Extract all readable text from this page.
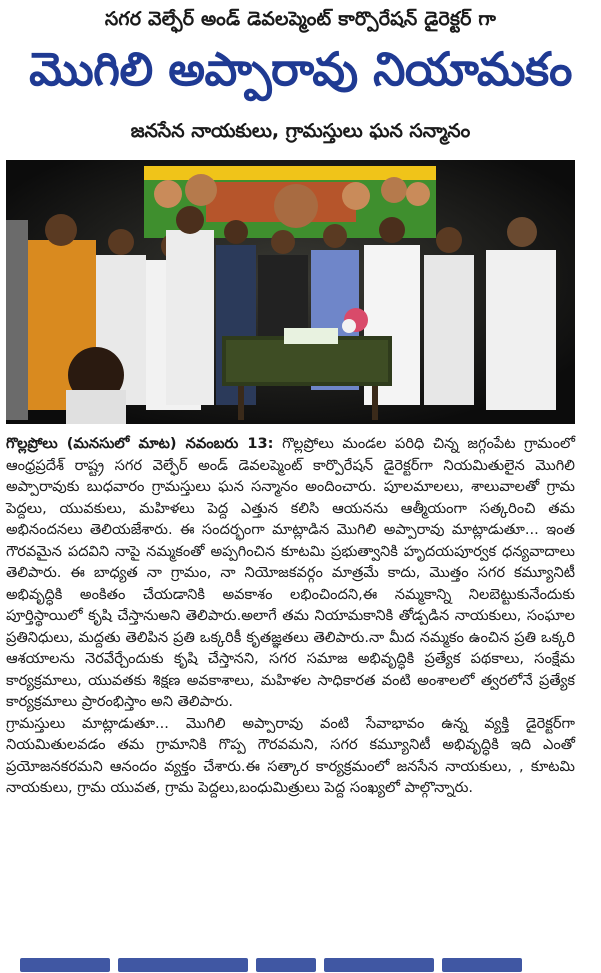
సగర వెల్ఫేర్ అండ్ డెవలప్మెంట్ కార్పొరేషన్ డైరెక్టర్ గా
మొగిలి అప్పారావు నియామకం
జనసేన నాయకులు, గ్రామస్తులు ఘన సన్మానం

గొల్లప్రోలు (మనసులో మాట) నవంబరు 13: గొల్లప్రోలు మండల పరిధి చిన్న జగ్గంపేట గ్రామంలో ఆంధ్రప్రదేశ్ రాష్ట్ర సగర వెల్ఫేర్ అండ్ డెవలప్మెంట్ కార్పొరేషన్ డైరెక్టర్‌గా నియమితులైన మొగిలి అప్పారావుకు బుధవారం గ్రామస్తులు ఘన సన్మానం అందించారు. పూలమాలలు, శాలువాలతో గ్రామ పెద్దలు, యువకులు, మహిళలు పెద్ద ఎత్తున కలిసి ఆయనను ఆత్మీయంగా సత్కరించి తమ అభినందనలు తెలియజేశారు. ఈ సందర్భంగా మాట్లాడిన మొగిలి అప్పారావు మాట్లాడుతూ... ఇంత గౌరవమైన పదవిని నాపై నమ్మకంతో అప్పగించిన కూటమి ప్రభుత్వానికి హృదయపూర్వక ధన్యవాదాలు తెలిపారు. ఈ బాధ్యత నా గ్రామం, నా నియోజకవర్గం మాత్రమే కాదు, మొత్తం సగర కమ్యూనిటీ అభివృద్ధికి అంకితం చేయడానికి అవకాశం లభించిందని,ఈ నమ్మకాన్ని నిలబెట్టుకునేందుకు పూర్తిస్థాయిలో కృషి చేస్తానుఅని తెలిపారు.అలాగే తమ నియామకానికి తోడ్పడిన నాయకులు, సంఘాల ప్రతినిధులు, మద్దతు తెలిపిన ప్రతి ఒక్కరికీ కృతజ్ఞతలు తెలిపారు.నా మీద నమ్మకం ఉంచిన ప్రతి ఒక్కరి ఆశయాలను నెరవేర్చేందుకు కృషి చేస్తానని, సగర సమాజ అభివృద్ధికి ప్రత్యేక పథకాలు, సంక్షేమ కార్యక్రమాలు, యువతకు శిక్షణ అవకాశాలు, మహిళల సాధికారత వంటి అంశాలలో త్వరలోనే ప్రత్యేక కార్యక్రమాలు ప్రారంభిస్తాం అని తెలిపారు.

గ్రామస్తులు మాట్లాడుతూ... మొగిలి అప్పారావు వంటి సేవాభావం ఉన్న వ్యక్తి డైరెక్టర్‌గా నియమితులవడం తమ గ్రామానికి గొప్ప గౌరవమని, సగర కమ్యూనిటీ అభివృద్ధికి ఇది ఎంతో ప్రయోజనకరమని ఆనందం వ్యక్తం చేశారు.ఈ సత్కార కార్యక్రమంలో జనసేన నాయకులు, , కూటమి నాయకులు, గ్రామ యువత, గ్రామ పెద్దలు,బంధుమిత్రులు పెద్ద సంఖ్యలో పాల్గొన్నారు.
